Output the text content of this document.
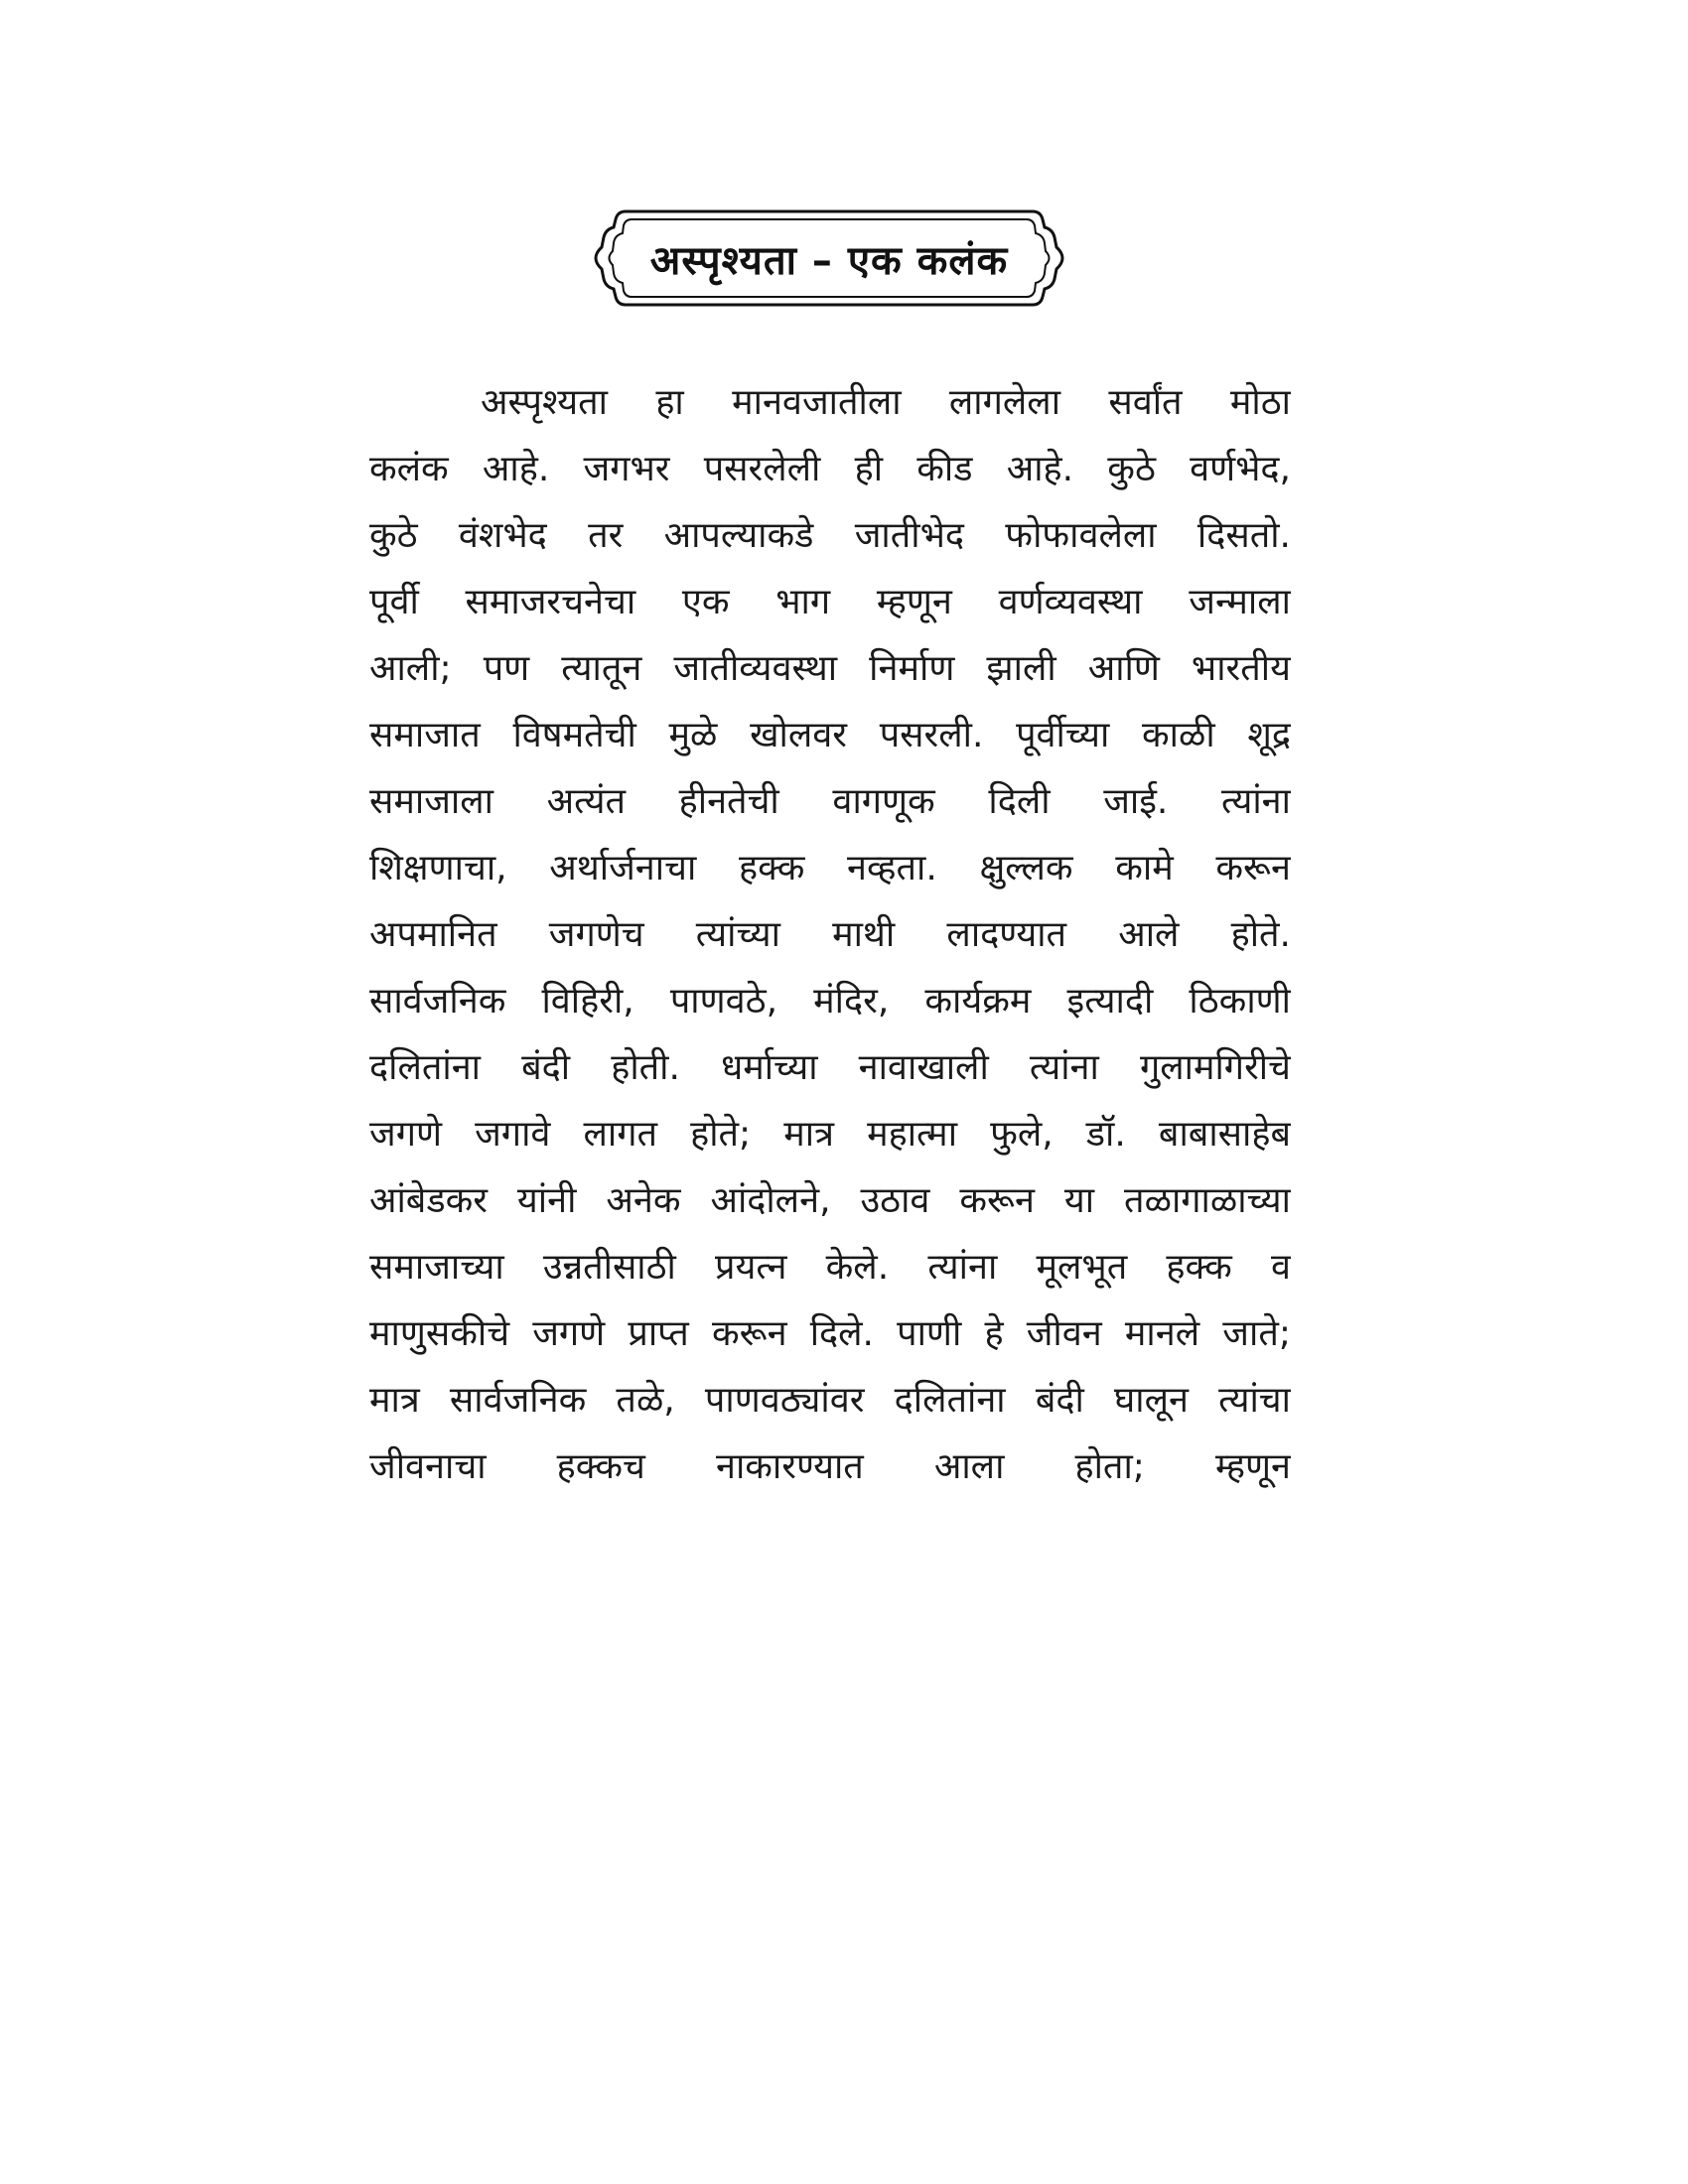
अस्पृश्यता – एक कलंक
अस्पृश्यता हा मानवजातीला लागलेला सर्वांत मोठा
कलंक आहे. जगभर पसरलेली ही कीड आहे. कुठे वर्णभेद,
कुठे वंशभेद तर आपल्याकडे जातीभेद फोफावलेला दिसतो.
पूर्वी समाजरचनेचा एक भाग म्हणून वर्णव्यवस्था जन्माला
आली; पण त्यातून जातीव्यवस्था निर्माण झाली आणि भारतीय
समाजात विषमतेची मुळे खोलवर पसरली. पूर्वीच्या काळी शूद्र
समाजाला अत्यंत हीनतेची वागणूक दिली जाई. त्यांना
शिक्षणाचा, अर्थार्जनाचा हक्क नव्हता. क्षुल्लक कामे करून
अपमानित जगणेच त्यांच्या माथी लादण्यात आले होते.
सार्वजनिक विहिरी, पाणवठे, मंदिर, कार्यक्रम इत्यादी ठिकाणी
दलितांना बंदी होती. धर्माच्या नावाखाली त्यांना गुलामगिरीचे
जगणे जगावे लागत होते; मात्र महात्मा फुले, डॉ. बाबासाहेब
आंबेडकर यांनी अनेक आंदोलने, उठाव करून या तळागाळाच्या
समाजाच्या उन्नतीसाठी प्रयत्न केले. त्यांना मूलभूत हक्क व
माणुसकीचे जगणे प्राप्त करून दिले. पाणी हे जीवन मानले जाते;
मात्र सार्वजनिक तळे, पाणवठ्यांवर दलितांना बंदी घालून त्यांचा
जीवनाचा हक्कच नाकारण्यात आला होता; म्हणून
